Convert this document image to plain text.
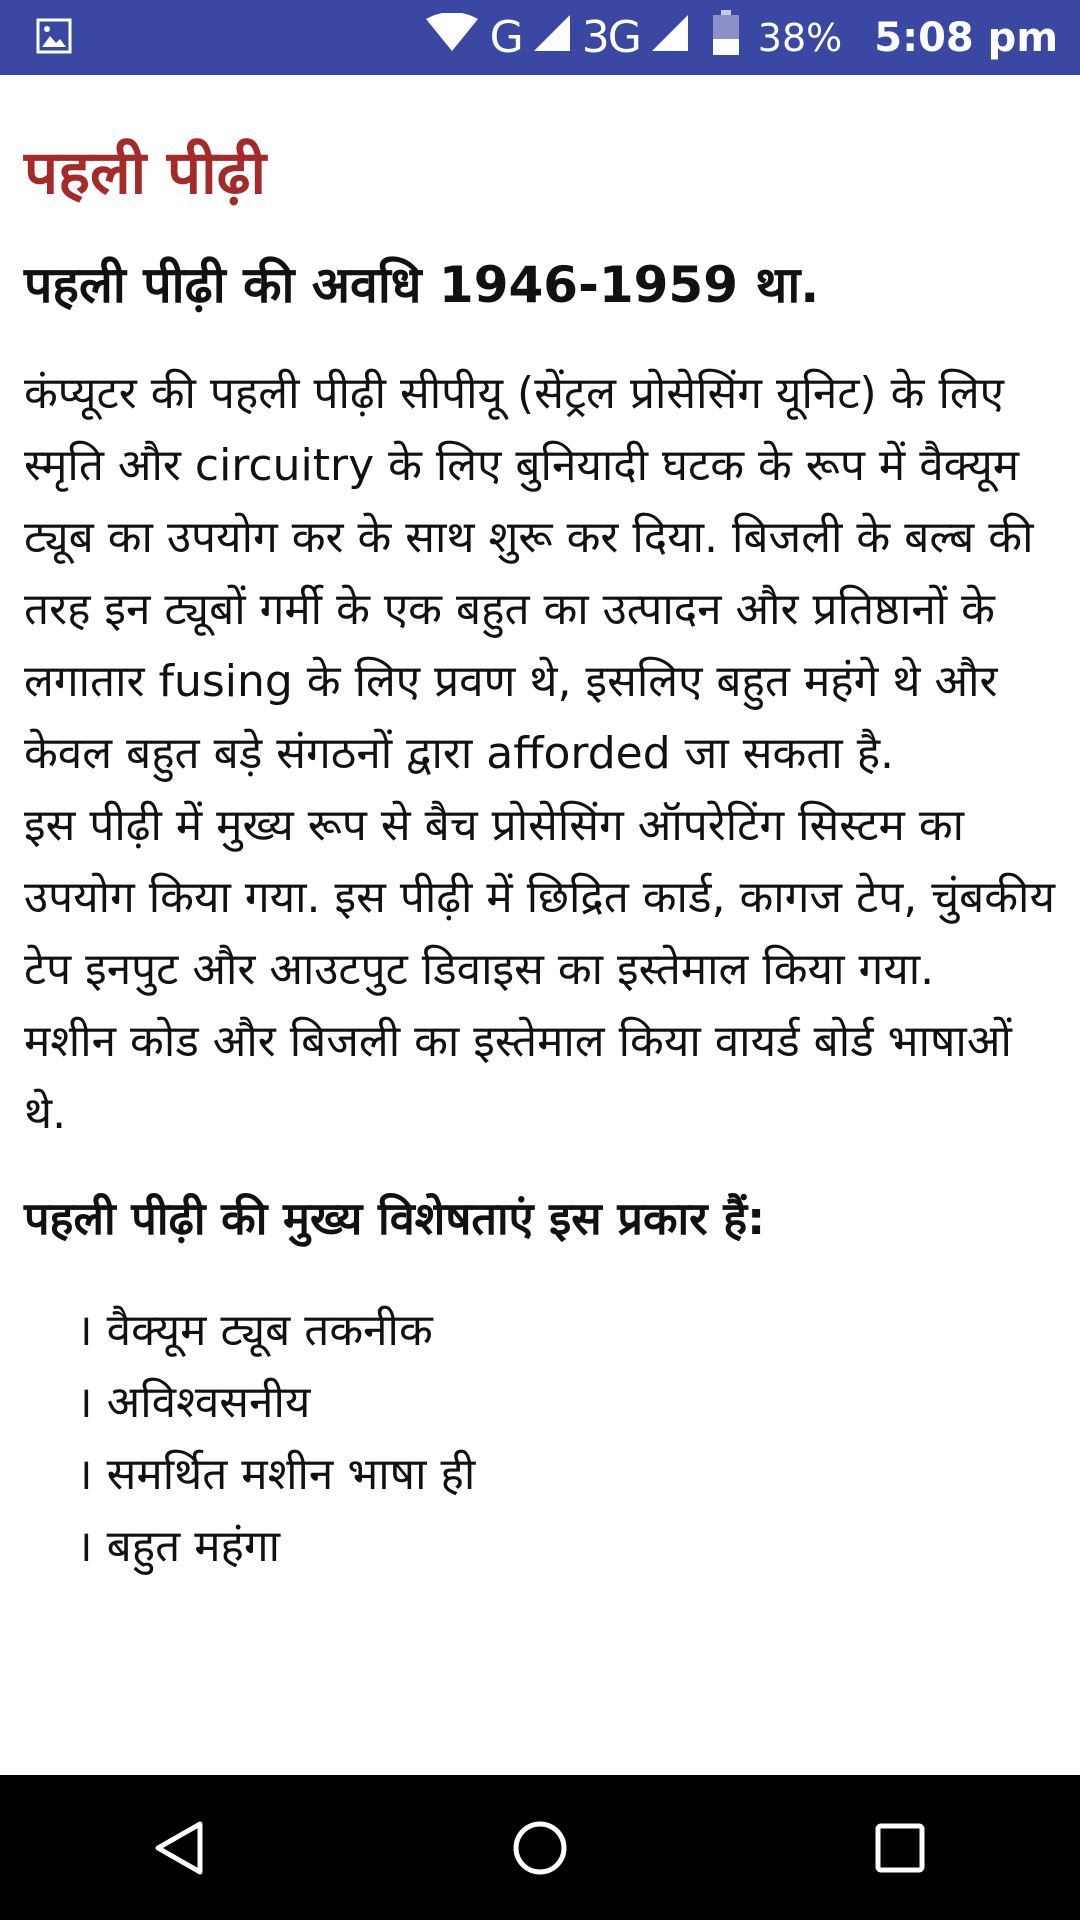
G 3G	38% 5:08 pm
पहली पीढ़ी
पहली पीढ़ी की अवधि 1946-1959 था.

कंप्यूटर की पहली पीढ़ी सीपीयू (सेंट्रल प्रोसेसिंग यूनिट) के लिए स्मृति और circuitry के लिए बुनियादी घटक के रूप में वैक्यूम ट्यूब का उपयोग कर के साथ शुरू कर दिया. बिजली के बल्ब की तरह इन ट्यूबों गर्मी के एक बहुत का उत्पादन और प्रतिष्ठानों के लगातार fusing के लिए प्रवण थे, इसलिए बहुत महंगे थे और केवल बहुत बड़े संगठनों द्वारा afforded जा सकता है.
इस पीढ़ी में मुख्य रूप से बैच प्रोसेसिंग ऑपरेटिंग सिस्टम का उपयोग किया गया. इस पीढ़ी में छिद्रित कार्ड, कागज टेप, चुंबकीय टेप इनपुट और आउटपुट डिवाइस का इस्तेमाल किया गया.
मशीन कोड और बिजली का इस्तेमाल किया वायर्ड बोर्ड भाषाओं थे.

पहली पीढ़ी की मुख्य विशेषताएं इस प्रकार हैं:
। वैक्यूम ट्यूब तकनीक
। अविश्वसनीय
। समर्थित मशीन भाषा ही
। बहुत महंगा
